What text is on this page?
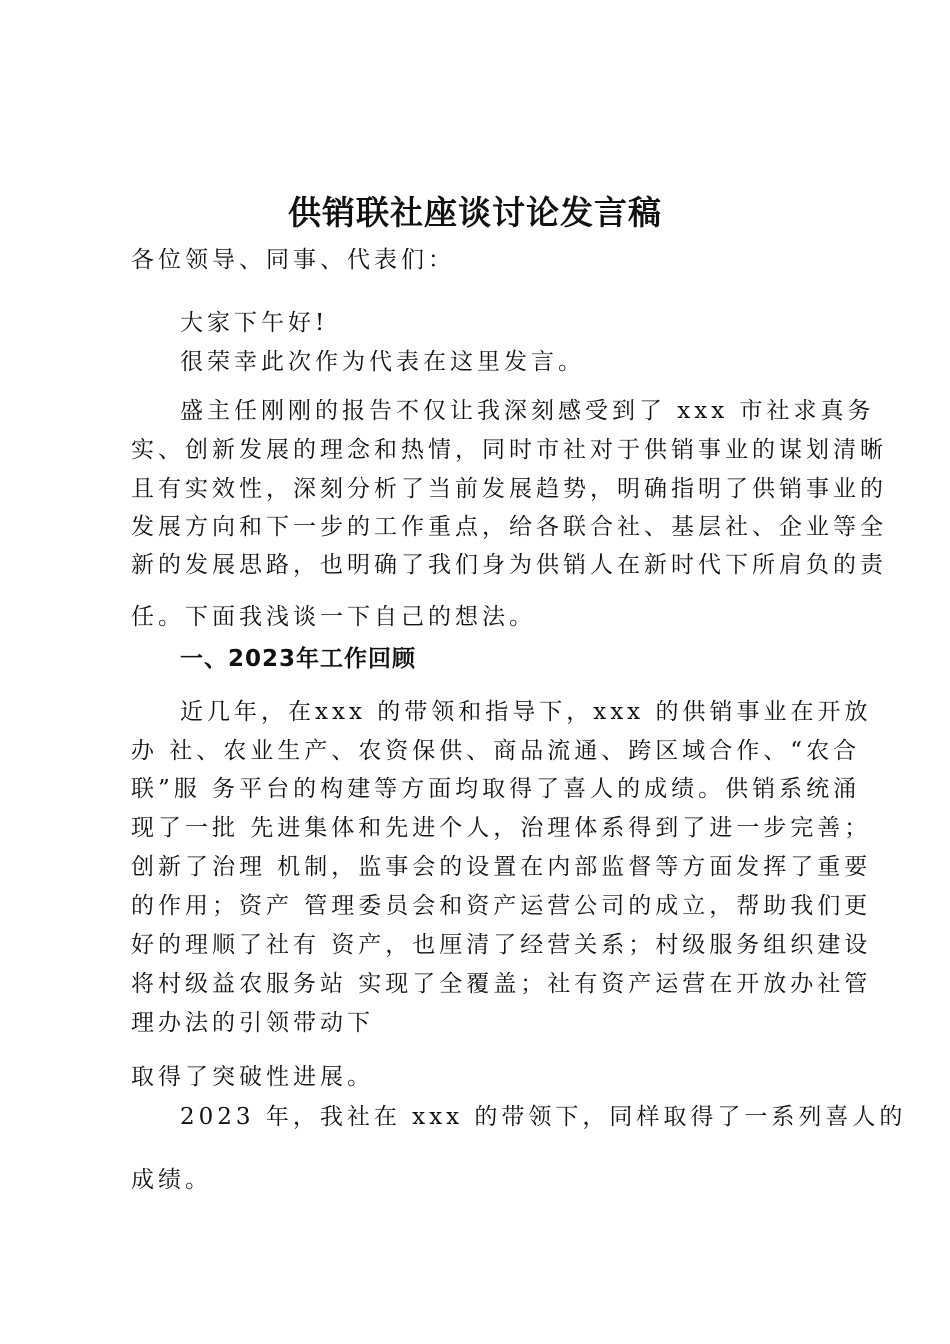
供销联社座谈讨论发言稿
各位领导、同事、代表们：
大家下午好!
很荣幸此次作为代表在这里发言。
盛主任刚刚的报告不仅让我深刻感受到了 xxx 市社求真务
实、创新发展的理念和热情，同时市社对于供销事业的谋划清晰
且有实效性，深刻分析了当前发展趋势，明确指明了供销事业的
发展方向和下一步的工作重点，给各联合社、基层社、企业等全
新的发展思路，也明确了我们身为供销人在新时代下所肩负的责
任。下面我浅谈一下自己的想法。
一、2023年工作回顾
近几年，在xxx 的带领和指导下，xxx 的供销事业在开放
办 社、农业生产、农资保供、商品流通、跨区域合作、“农合
联”服 务平台的构建等方面均取得了喜人的成绩。供销系统涌
现了一批 先进集体和先进个人，治理体系得到了进一步完善；
创新了治理 机制，监事会的设置在内部监督等方面发挥了重要
的作用；资产 管理委员会和资产运营公司的成立，帮助我们更
好的理顺了社有 资产，也厘清了经营关系；村级服务组织建设
将村级益农服务站 实现了全覆盖；社有资产运营在开放办社管
理办法的引领带动下
取得了突破性进展。
2023 年，我社在 xxx 的带领下，同样取得了一系列喜人的
成绩。
